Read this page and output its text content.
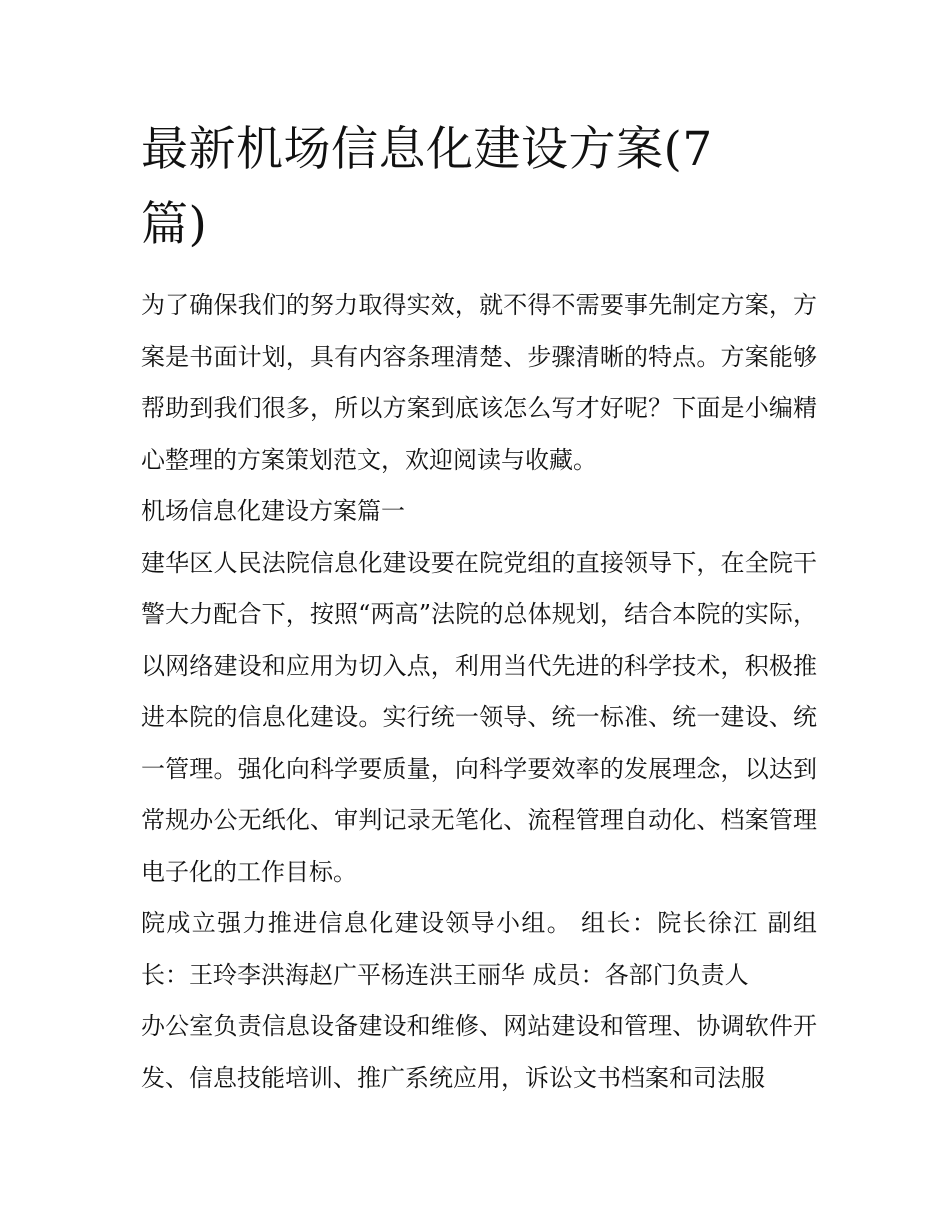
最新机场信息化建设方案(7篇)

为了确保我们的努力取得实效，就不得不需要事先制定方案，方案是书面计划，具有内容条理清楚、步骤清晰的特点。方案能够帮助到我们很多，所以方案到底该怎么写才好呢？下面是小编精心整理的方案策划范文，欢迎阅读与收藏。

机场信息化建设方案篇一

建华区人民法院信息化建设要在院党组的直接领导下，在全院干警大力配合下，按照“两高”法院的总体规划，结合本院的实际，以网络建设和应用为切入点，利用当代先进的科学技术，积极推进本院的信息化建设。实行统一领导、统一标准、统一建设、统一管理。强化向科学要质量，向科学要效率的发展理念，以达到常规办公无纸化、审判记录无笔化、流程管理自动化、档案管理电子化的工作目标。

院成立强力推进信息化建设领导小组。 组长：院长徐江 副组长：王玲李洪海赵广平杨连洪王丽华 成员：各部门负责人

办公室负责信息设备建设和维修、网站建设和管理、协调软件开发、信息技能培训、推广系统应用，诉讼文书档案和司法服
